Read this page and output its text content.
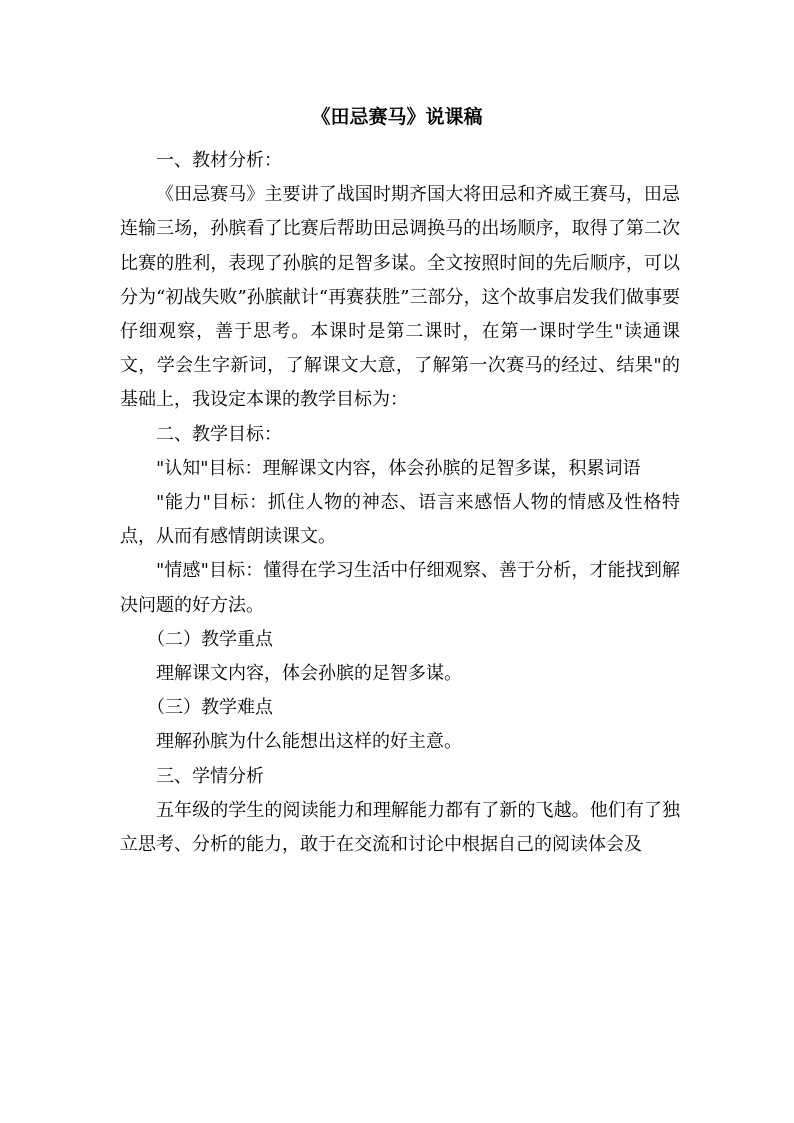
《田忌赛马》说课稿

一、教材分析：

《田忌赛马》主要讲了战国时期齐国大将田忌和齐威王赛马，田忌连输三场，孙膑看了比赛后帮助田忌调换马的出场顺序，取得了第二次比赛的胜利，表现了孙膑的足智多谋。全文按照时间的先后顺序，可以分为“初战失败”孙膑献计“再赛获胜”三部分，这个故事启发我们做事要仔细观察，善于思考。本课时是第二课时，在第一课时学生"读通课文，学会生字新词，了解课文大意，了解第一次赛马的经过、结果"的基础上，我设定本课的教学目标为：

二、教学目标：

"认知"目标：理解课文内容，体会孙膑的足智多谋，积累词语

"能力"目标：抓住人物的神态、语言来感悟人物的情感及性格特点，从而有感情朗读课文。

"情感"目标：懂得在学习生活中仔细观察、善于分析，才能找到解决问题的好方法。

（二）教学重点

理解课文内容，体会孙膑的足智多谋。

（三）教学难点

理解孙膑为什么能想出这样的好主意。

三、学情分析

五年级的学生的阅读能力和理解能力都有了新的飞越。他们有了独立思考、分析的能力，敢于在交流和讨论中根据自己的阅读体会及
